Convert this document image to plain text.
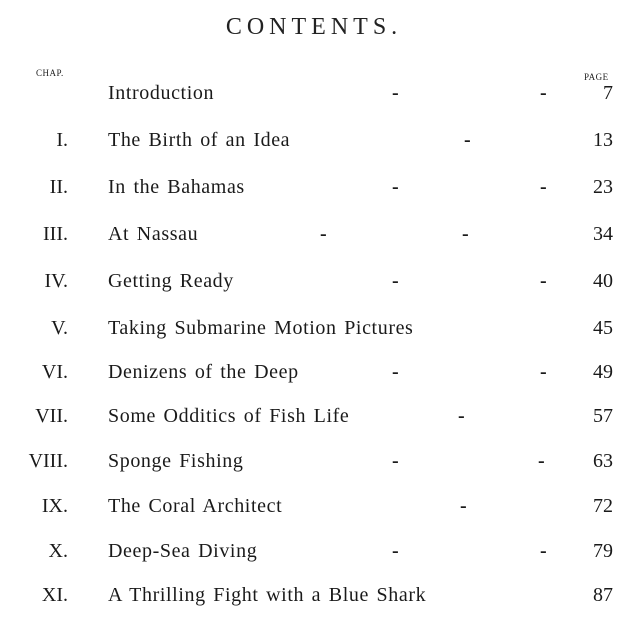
CONTENTS.
CHAP.	PAGE
Introduction	-	-	7
I. The Birth of an Idea	-	13
II. In the Bahamas	-	- 23
III. At Nassau	-	-	34
IV. Getting Ready	-	- 40
V. Taking Submarine Motion Pictures	45
VI. Denizens of the Deep	-	- 49
VII. Some Odditics of Fish Life	-	57
VIII. Sponge Fishing	-	- 63
IX. The Coral Architect	-	72
X. Deep-Sea Diving	-	- 79
XI. A Thrilling Fight with a Blue Shark	87
